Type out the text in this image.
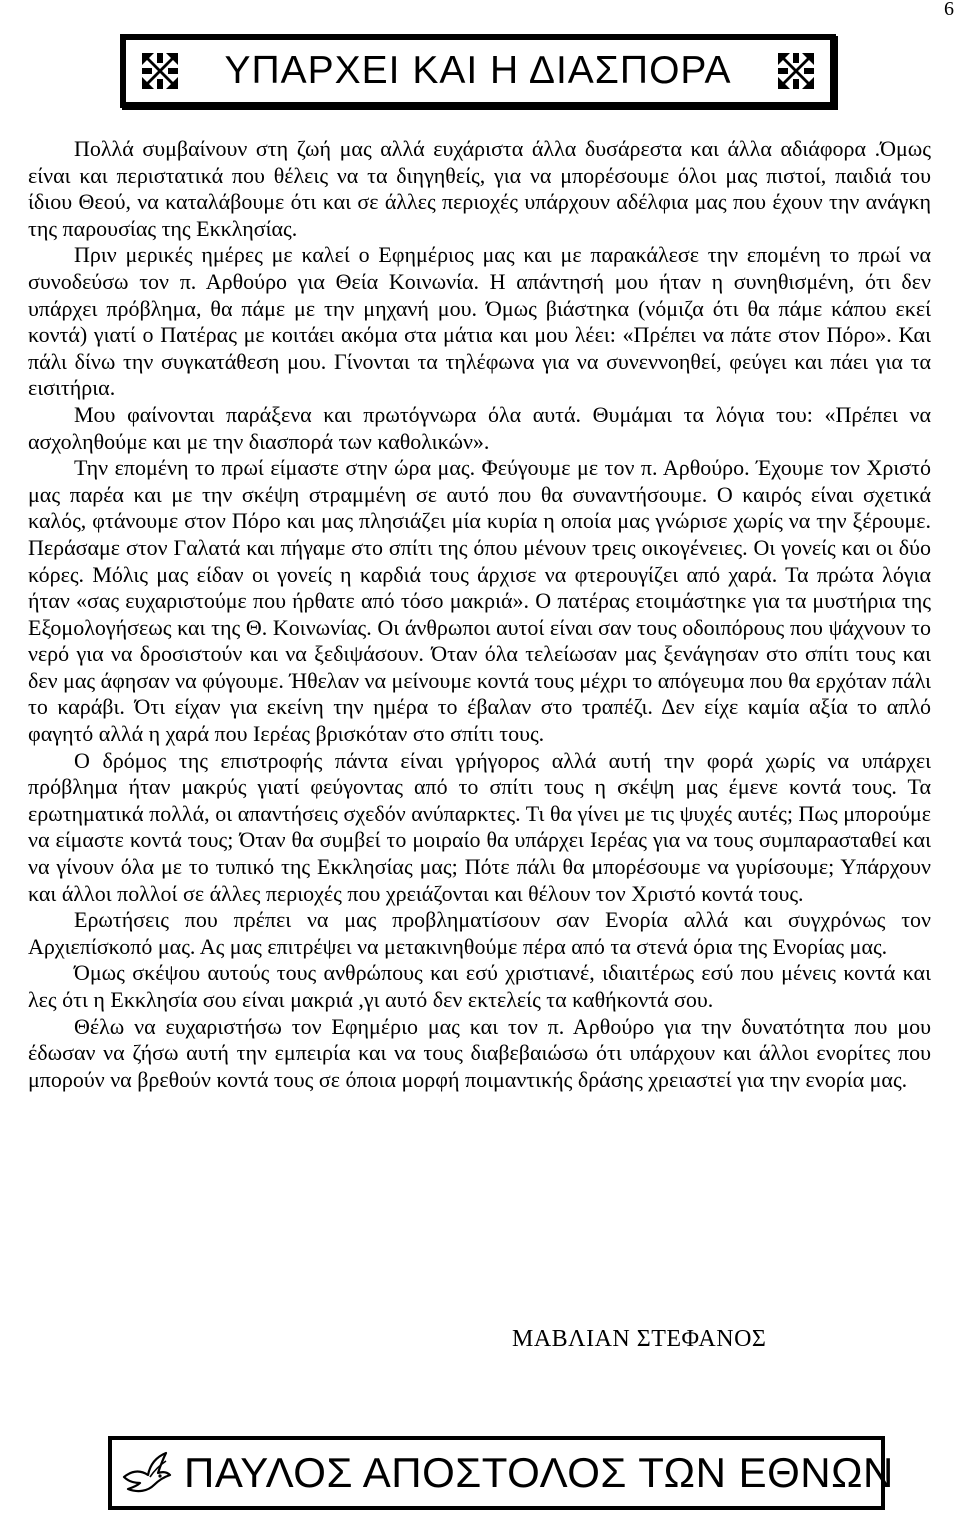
6
ΥΠΑΡΧΕΙ ΚΑΙ Η ΔΙΑΣΠΟΡΑ

Πολλά συμβαίνουν στη ζωή μας αλλά ευχάριστα άλλα δυσάρεστα και άλλα αδιάφορα .Όμως είναι και περιστατικά που θέλεις να τα διηγηθείς, για να μπορέσουμε όλοι μας πιστοί, παιδιά του ίδιου Θεού, να καταλάβουμε ότι και σε άλλες περιοχές υπάρχουν αδέλφια μας που έχουν την ανάγκη της παρουσίας της Εκκλησίας.

Πριν μερικές ημέρες με καλεί ο Εφημέριος μας και με παρακάλεσε την επομένη το πρωί να συνοδεύσω τον π. Αρθούρο για Θεία Κοινωνία. Η απάντησή μου ήταν η συνηθισμένη, ότι δεν υπάρχει πρόβλημα, θα πάμε με την μηχανή μου. Όμως βιάστηκα (νόμιζα ότι θα πάμε κάπου εκεί κοντά) γιατί ο Πατέρας με κοιτάει ακόμα στα μάτια και μου λέει: «Πρέπει να πάτε στον Πόρο». Και πάλι δίνω την συγκατάθεση μου. Γίνονται τα τηλέφωνα για να συνεννοηθεί, φεύγει και πάει για τα εισιτήρια.

Μου φαίνονται παράξενα και πρωτόγνωρα όλα αυτά. Θυμάμαι τα λόγια του: «Πρέπει να ασχοληθούμε και με την διασπορά των καθολικών».

Την επομένη το πρωί είμαστε στην ώρα μας. Φεύγουμε με τον π. Αρθούρο. Έχουμε τον Χριστό μας παρέα και με την σκέψη στραμμένη σε αυτό που θα συναντήσουμε. Ο καιρός είναι σχετικά καλός, φτάνουμε στον Πόρο και μας πλησιάζει μία κυρία η οποία μας γνώρισε χωρίς να την ξέρουμε. Περάσαμε στον Γαλατά και πήγαμε στο σπίτι της όπου μένουν τρεις οικογένειες. Οι γονείς και οι δύο κόρες. Μόλις μας είδαν οι γονείς η καρδιά τους άρχισε να φτερουγίζει από χαρά. Τα πρώτα λόγια ήταν «σας ευχαριστούμε που ήρθατε από τόσο μακριά». Ο πατέρας ετοιμάστηκε για τα μυστήρια της Εξομολογήσεως και της Θ. Κοινωνίας. Οι άνθρωποι αυτοί είναι σαν τους οδοιπόρους που ψάχνουν το νερό για να δροσιστούν και να ξεδιψάσουν. Όταν όλα τελείωσαν μας ξενάγησαν στο σπίτι τους και δεν μας άφησαν να φύγουμε. Ήθελαν να μείνουμε κοντά τους μέχρι το απόγευμα που θα ερχόταν πάλι το καράβι. Ότι είχαν για εκείνη την ημέρα το έβαλαν στο τραπέζι. Δεν είχε καμία αξία το απλό φαγητό αλλά η χαρά που Ιερέας βρισκόταν στο σπίτι τους.

Ο δρόμος της επιστροφής πάντα είναι γρήγορος αλλά αυτή την φορά χωρίς να υπάρχει πρόβλημα ήταν μακρύς γιατί φεύγοντας από το σπίτι τους η σκέψη μας έμενε κοντά τους. Τα ερωτηματικά πολλά, οι απαντήσεις σχεδόν ανύπαρκτες. Τι θα γίνει με τις ψυχές αυτές; Πως μπορούμε να είμαστε κοντά τους; Όταν θα συμβεί το μοιραίο θα υπάρχει Ιερέας για να τους συμπαρασταθεί και να γίνουν όλα με το τυπικό της Εκκλησίας μας; Πότε πάλι θα μπορέσουμε να γυρίσουμε; Υπάρχουν και άλλοι πολλοί σε άλλες περιοχές που χρειάζονται και θέλουν τον Χριστό κοντά τους.

Ερωτήσεις που πρέπει να μας προβληματίσουν σαν Ενορία αλλά και συγχρόνως τον Αρχιεπίσκοπό μας. Ας μας επιτρέψει να μετακινηθούμε πέρα από τα στενά όρια της Ενορίας μας.

Όμως σκέψου αυτούς τους ανθρώπους και εσύ χριστιανέ, ιδιαιτέρως εσύ που μένεις κοντά και λες ότι η Εκκλησία σου είναι μακριά ,γι αυτό δεν εκτελείς τα καθήκοντά σου.

Θέλω να ευχαριστήσω τον Εφημέριο μας και τον π. Αρθούρο για την δυνατότητα που μου έδωσαν να ζήσω αυτή την εμπειρία και να τους διαβεβαιώσω ότι υπάρχουν και άλλοι ενορίτες που μπορούν να βρεθούν κοντά τους σε όποια μορφή ποιμαντικής δράσης χρειαστεί για την ενορία μας.

ΜΑΒΛΙΑΝ ΣΤΕΦΑΝΟΣ
ΠΑΥΛΟΣ ΑΠΟΣΤΟΛΟΣ ΤΩΝ ΕΘΝΩΝ
